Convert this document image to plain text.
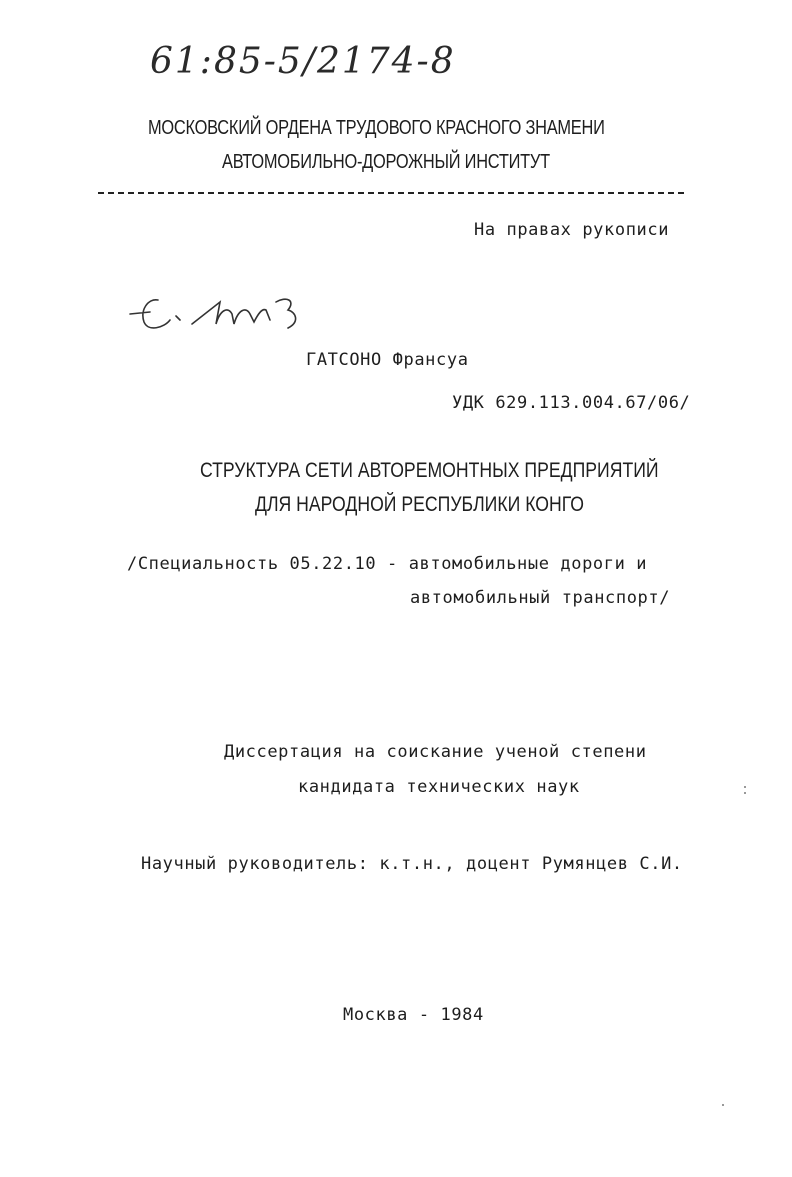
61:85-5/2174-8
МОСКОВСКИЙ ОРДЕНА ТРУДОВОГО КРАСНОГО ЗНАМЕНИ
АВТОМОБИЛЬНО-ДОРОЖНЫЙ ИНСТИТУТ
На правах рукописи
ГАТСОНО Франсуа
УДК 629.113.004.67/06/
СТРУКТУРА СЕТИ АВТОРЕМОНТНЫХ ПРЕДПРИЯТИЙ
ДЛЯ НАРОДНОЙ РЕСПУБЛИКИ КОНГО
/Специальность 05.22.10 - автомобильные дороги и
автомобильный транспорт/
Диссертация на соискание ученой степени
кандидата технических наук
Научный руководитель: к.т.н., доцент Румянцев С.И.
Москва - 1984
